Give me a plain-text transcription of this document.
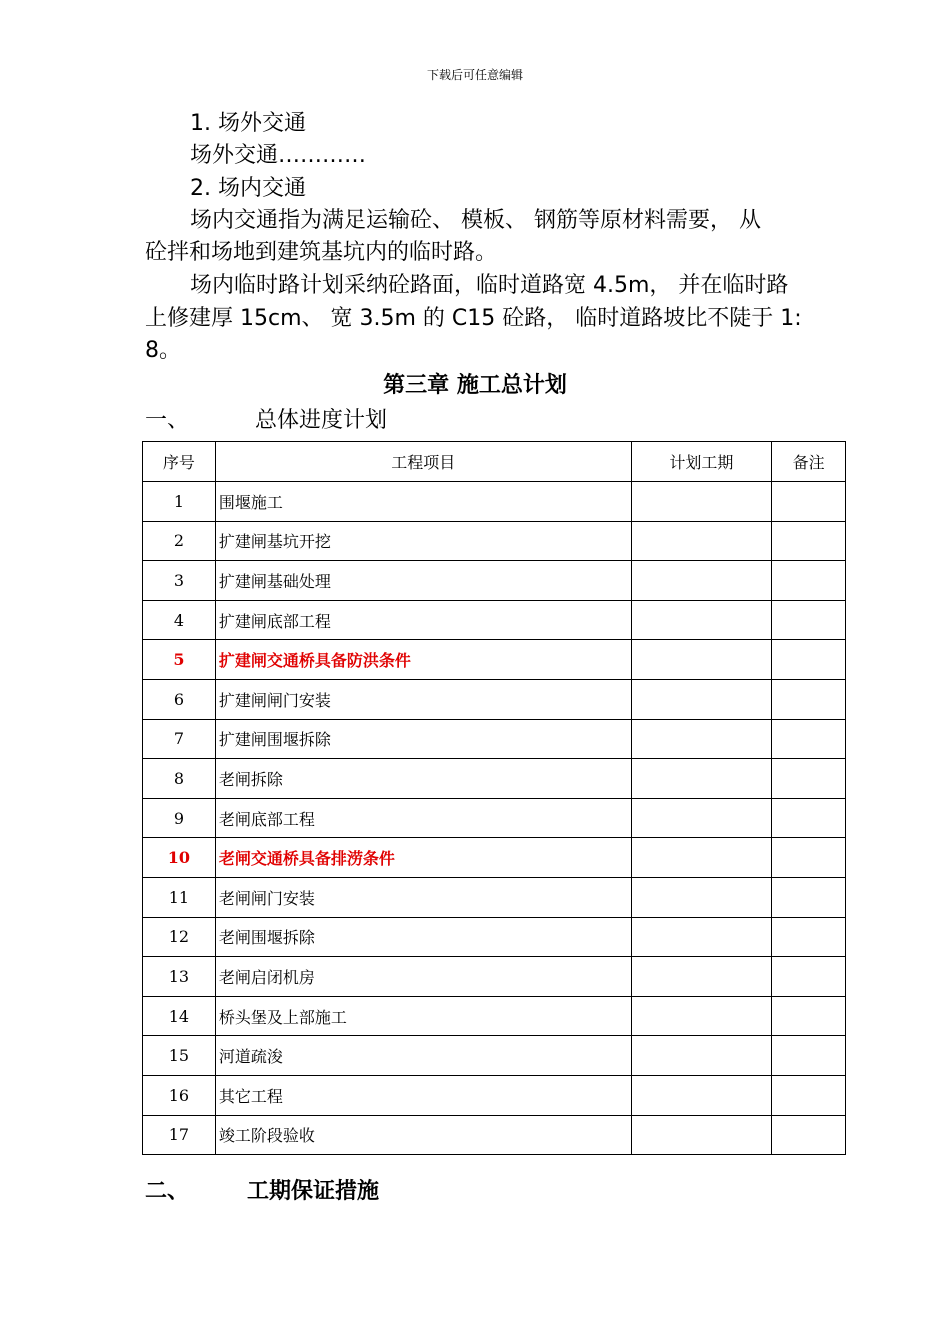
下载后可任意编辑
1. 场外交通
场外交通…………
2. 场内交通
场内交通指为满足运输砼、 模板、 钢筋等原材料需要， 从
砼拌和场地到建筑基坑内的临时路。
场内临时路计划采纳砼路面，临时道路宽 4.5m， 并在临时路
上修建厚 15cm、 宽 3.5m 的 C15 砼路， 临时道路坡比不陡于 1:
8。
第三章 施工总计划
一、	总体进度计划
序号	工程项目	计划工期	备注
1	围堰施工		
2	扩建闸基坑开挖		
3	扩建闸基础处理		
4	扩建闸底部工程		
5	扩建闸交通桥具备防洪条件		
6	扩建闸闸门安装		
7	扩建闸围堰拆除		
8	老闸拆除		
9	老闸底部工程		
10	老闸交通桥具备排涝条件		
11	老闸闸门安装		
12	老闸围堰拆除		
13	老闸启闭机房		
14	桥头堡及上部施工		
15	河道疏浚		
16	其它工程		
17	竣工阶段验收		
二、	工期保证措施
